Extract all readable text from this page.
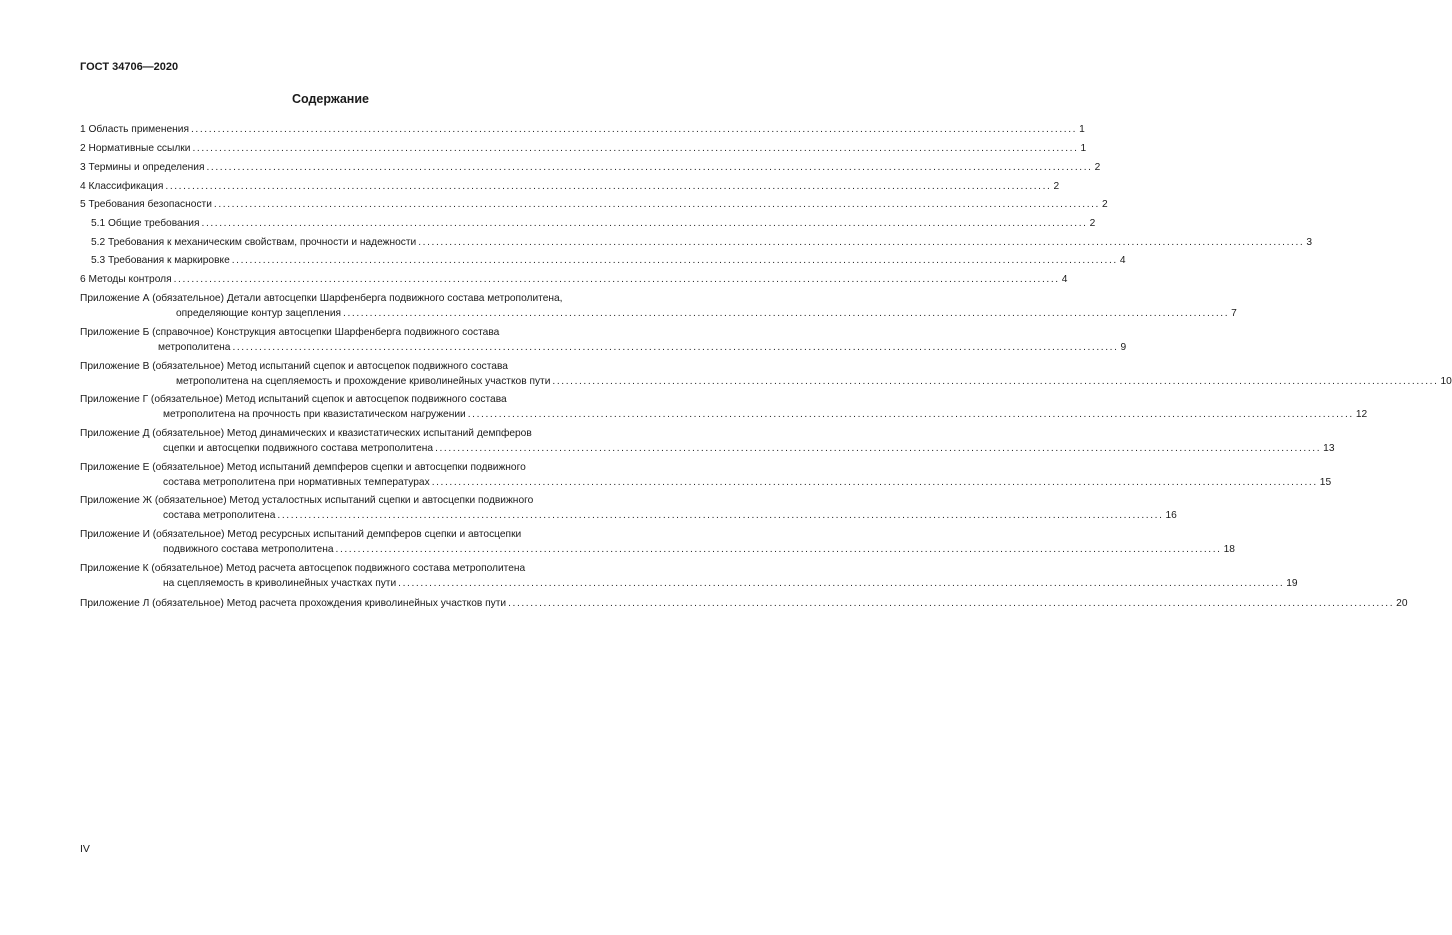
ГОСТ 34706—2020
Содержание
1 Область применения ........................................................................................................................................................................................................ 1
2 Нормативные ссылки ........................................................................................................................................................................................................ 1
3 Термины и определения ........................................................................................................................................................................................................ 2
4 Классификация ........................................................................................................................................................................................................ 2
5 Требования безопасности ........................................................................................................................................................................................................ 2
5.1 Общие требования ........................................................................................................................................................................................................ 2
5.2 Требования к механическим свойствам, прочности и надежности ........................................................................................................................................................................................................ 3
5.3 Требования к маркировке ........................................................................................................................................................................................................ 4
6 Методы контроля ........................................................................................................................................................................................................ 4
Приложение А (обязательное) Детали автосцепки Шарфенберга подвижного состава метрополитена,
определяющие контур зацепления ........................................................................................................................................................................................................ 7
Приложение Б (справочное) Конструкция автосцепки Шарфенберга подвижного состава
метрополитена ........................................................................................................................................................................................................ 9
Приложение В (обязательное) Метод испытаний сцепок и автосцепок подвижного состава
метрополитена на сцепляемость и прохождение криволинейных участков пути ........................................................................................................................................................................................................ 10
Приложение Г (обязательное) Метод испытаний сцепок и автосцепок подвижного состава
метрополитена на прочность при квазистатическом нагружении ........................................................................................................................................................................................................ 12
Приложение Д (обязательное) Метод динамических и квазистатических испытаний демпферов
сцепки и автосцепки подвижного состава метрополитена ........................................................................................................................................................................................................ 13
Приложение Е (обязательное) Метод испытаний демпферов сцепки и автосцепки подвижного
состава метрополитена при нормативных температурах ........................................................................................................................................................................................................ 15
Приложение Ж (обязательное) Метод усталостных испытаний сцепки и автосцепки подвижного
состава метрополитена ........................................................................................................................................................................................................ 16
Приложение И (обязательное) Метод ресурсных испытаний демпферов сцепки и автосцепки
подвижного состава метрополитена ........................................................................................................................................................................................................ 18
Приложение К (обязательное) Метод расчета автосцепок подвижного состава метрополитена
на сцепляемость в криволинейных участках пути ........................................................................................................................................................................................................ 19
Приложение Л (обязательное) Метод расчета прохождения криволинейных участков пути ........................................................................................................................................................................................................ 20
IV
